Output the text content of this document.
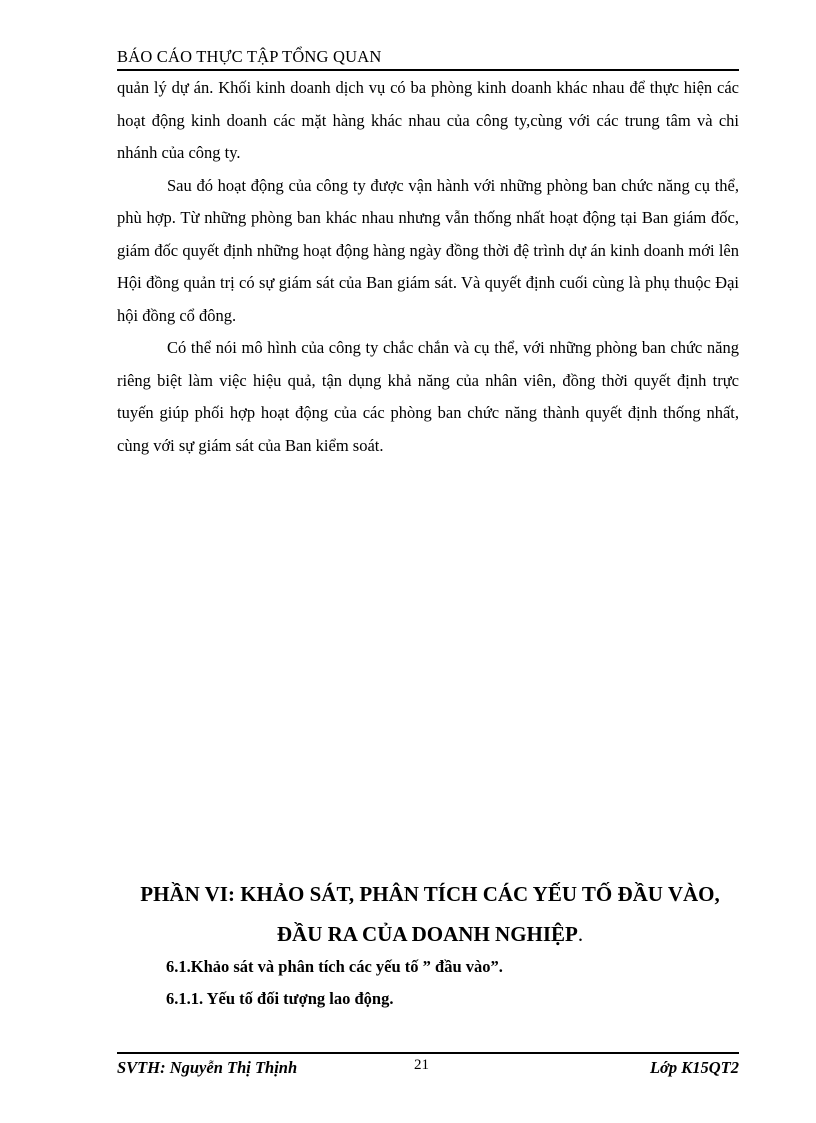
BÁO CÁO THỰC TẬP TỔNG QUAN

quản lý dự án. Khối kinh doanh dịch vụ có ba phòng kinh doanh khác nhau để thực hiện các hoạt động kinh doanh các mặt hàng khác nhau của công ty,cùng với các trung tâm và chi nhánh của công ty.

Sau đó hoạt động của công ty được vận hành với những phòng ban chức năng cụ thể, phù hợp. Từ những phòng ban khác nhau nhưng vẫn thống nhất hoạt động tại Ban giám đốc, giám đốc quyết định những hoạt động hàng ngày đồng thời đệ trình dự án kinh doanh mới lên Hội đồng quản trị có sự giám sát của Ban giám sát. Và quyết định cuối cùng là phụ thuộc Đại hội đồng cổ đông.

Có thể nói mô hình của công ty chắc chắn và cụ thể, với những phòng ban chức năng riêng biệt làm việc hiệu quả, tận dụng khả năng của nhân viên, đồng thời quyết định trực tuyến giúp phối hợp hoạt động của các phòng ban chức năng thành quyết định thống nhất, cùng với sự giám sát của Ban kiểm soát.

PHẦN VI: KHẢO SÁT, PHÂN TÍCH CÁC YẾU TỐ ĐẦU VÀO,
ĐẦU RA CỦA DOANH NGHIỆP.
6.1.Khảo sát và phân tích các yếu tố ” đầu vào”.
6.1.1. Yếu tố đối tượng lao động.
SVTH: Nguyễn Thị Thịnh	21	Lớp K15QT2
